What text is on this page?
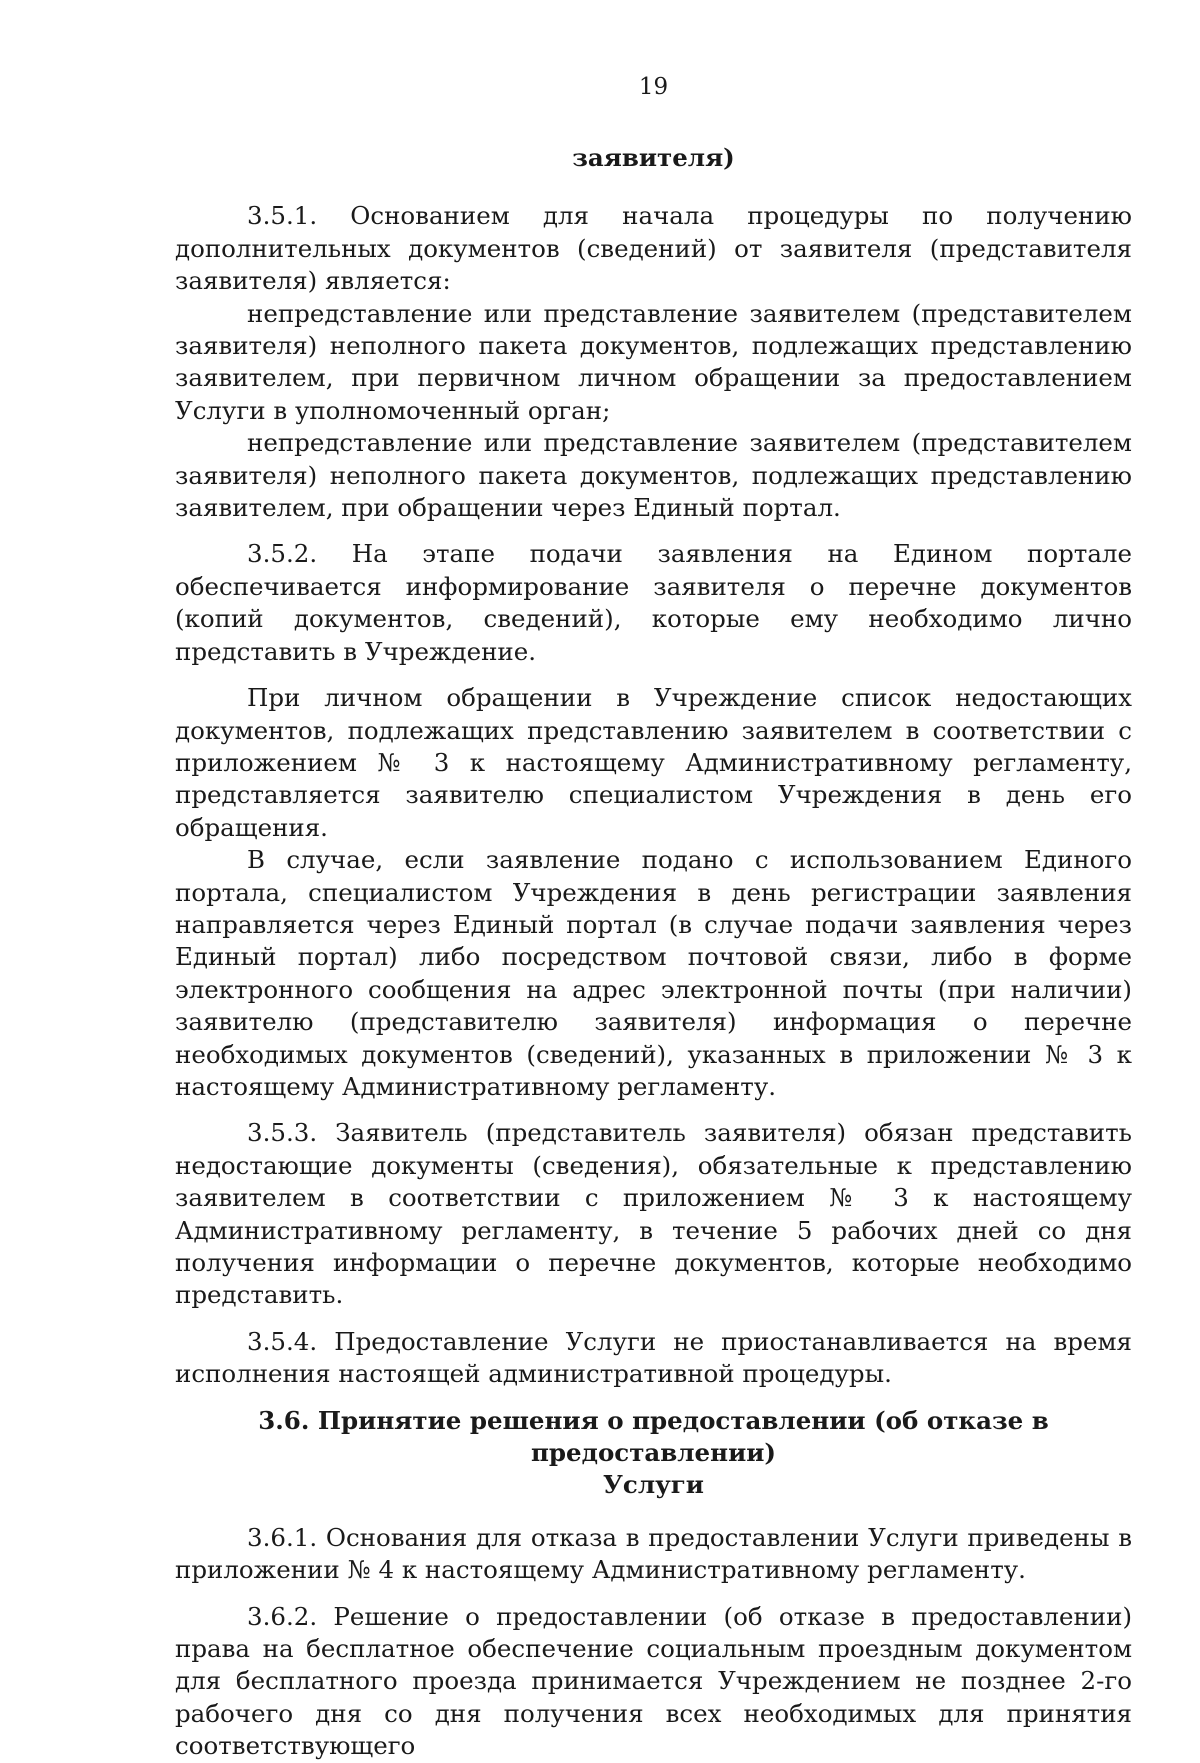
19
заявителя)

3.5.1. Основанием для начала процедуры по получению дополнительных документов (сведений) от заявителя (представителя заявителя) является:

непредставление или представление заявителем (представителем заявителя) неполного пакета документов, подлежащих представлению заявителем, при первичном личном обращении за предоставлением Услуги в уполномоченный орган;

непредставление или представление заявителем (представителем заявителя) неполного пакета документов, подлежащих представлению заявителем, при обращении через Единый портал.

3.5.2. На этапе подачи заявления на Едином портале обеспечивается информирование заявителя о перечне документов (копий документов, сведений), которые ему необходимо лично представить в Учреждение.

При личном обращении в Учреждение список недостающих документов, подлежащих представлению заявителем в соответствии с приложением № 3 к настоящему Административному регламенту, представляется заявителю специалистом Учреждения в день его обращения.

В случае, если заявление подано с использованием Единого портала, специалистом Учреждения в день регистрации заявления направляется через Единый портал (в случае подачи заявления через Единый портал) либо посредством почтовой связи, либо в форме электронного сообщения на адрес электронной почты (при наличии) заявителю (представителю заявителя) информация о перечне необходимых документов (сведений), указанных в приложении № 3 к настоящему Административному регламенту.

3.5.3. Заявитель (представитель заявителя) обязан представить недостающие документы (сведения), обязательные к представлению заявителем в соответствии с приложением № 3 к настоящему Административному регламенту, в течение 5 рабочих дней со дня получения информации о перечне документов, которые необходимо представить.

3.5.4. Предоставление Услуги не приостанавливается на время исполнения настоящей административной процедуры.

3.6. Принятие решения о предоставлении (об отказе в предоставлении)
Услуги

3.6.1. Основания для отказа в предоставлении Услуги приведены в приложении № 4 к настоящему Административному регламенту.

3.6.2. Решение о предоставлении (об отказе в предоставлении) права на бесплатное обеспечение социальным проездным документом для бесплатного проезда принимается Учреждением не позднее 2-го рабочего дня со дня получения всех необходимых для принятия соответствующего
